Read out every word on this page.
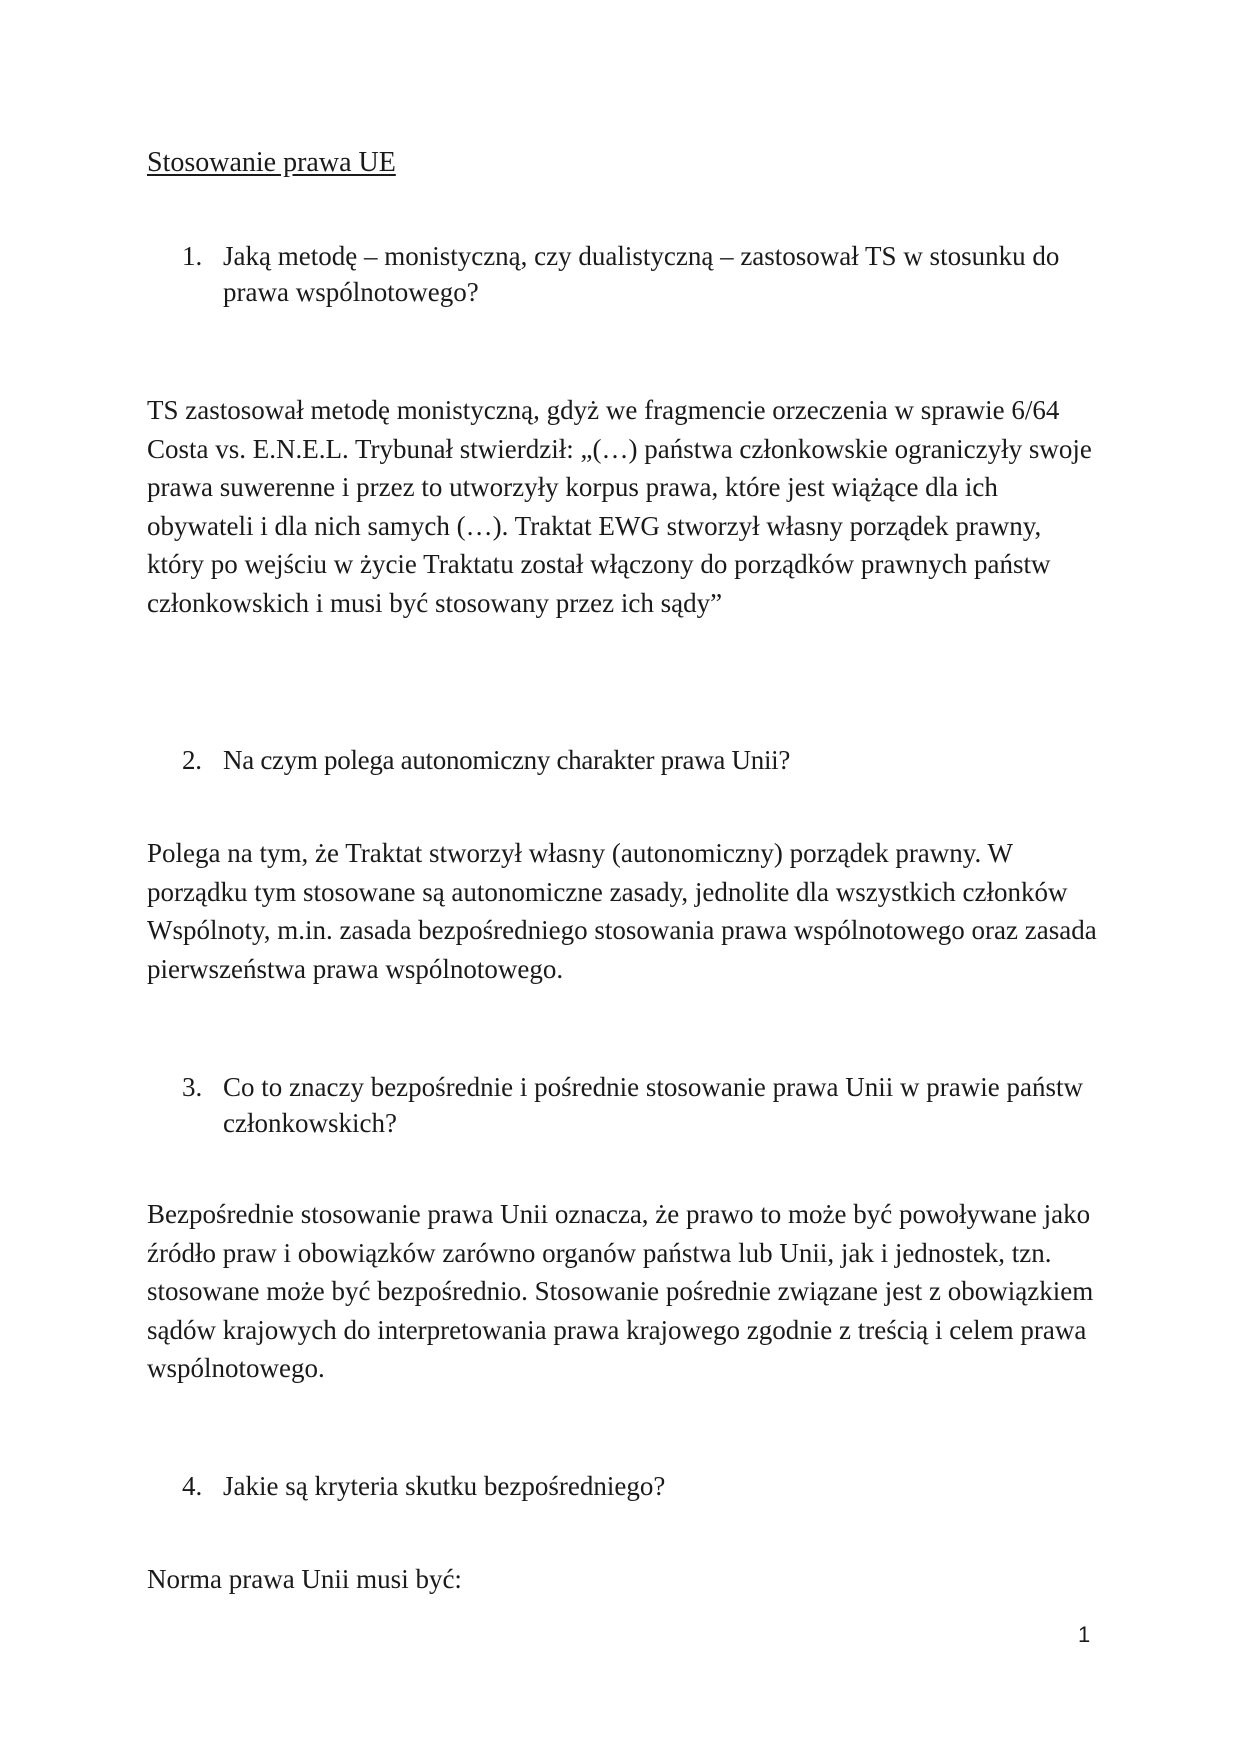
Stosowanie prawa UE
1. Jaką metodę – monistyczną, czy dualistyczną – zastosował TS w stosunku do prawa wspólnotowego?

TS zastosował metodę monistyczną, gdyż we fragmencie orzeczenia w sprawie 6/64 Costa vs. E.N.E.L. Trybunał stwierdził: „(…) państwa członkowskie ograniczyły swoje prawa suwerenne i przez to utworzyły korpus prawa, które jest wiążące dla ich obywateli i dla nich samych (…). Traktat EWG stworzył własny porządek prawny, który po wejściu w życie Traktatu został włączony do porządków prawnych państw członkowskich i musi być stosowany przez ich sądy”

2. Na czym polega autonomiczny charakter prawa Unii?

Polega na tym, że Traktat stworzył własny (autonomiczny) porządek prawny. W porządku tym stosowane są autonomiczne zasady, jednolite dla wszystkich członków Wspólnoty, m.in. zasada bezpośredniego stosowania prawa wspólnotowego oraz zasada pierwszeństwa prawa wspólnotowego.

3. Co to znaczy bezpośrednie i pośrednie stosowanie prawa Unii w prawie państw członkowskich?

Bezpośrednie stosowanie prawa Unii oznacza, że prawo to może być powoływane jako źródło praw i obowiązków zarówno organów państwa lub Unii, jak i jednostek, tzn. stosowane może być bezpośrednio. Stosowanie pośrednie związane jest z obowiązkiem sądów krajowych do interpretowania prawa krajowego zgodnie z treścią i celem prawa wspólnotowego.

4. Jakie są kryteria skutku bezpośredniego?

Norma prawa Unii musi być:

1
